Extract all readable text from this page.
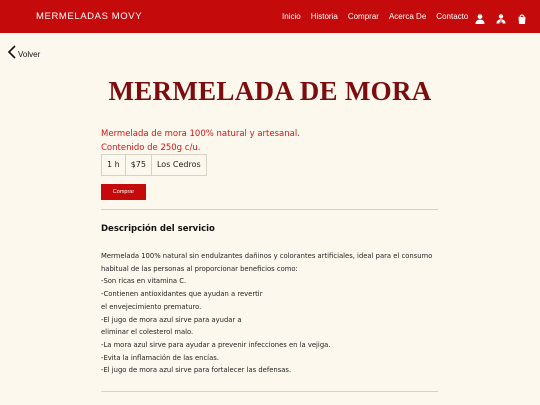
MERMELADAS MOVY	Inicio Historia Comprar Acerca De Contacto
Volver
MERMELADA DE MORA
Mermelada de mora 100% natural y artesanal.
Contenido de 250g c/u.
1 h	$75	Los Cedros
Comprar
Descripción del servicio
Mermelada 100% natural sin endulzantes dañinos y colorantes artificiales, ideal para el consumo
habitual de las personas al proporcionar beneficios como:
-Son ricas en vitamina C.
-Contienen antioxidantes que ayudan a revertir
el envejecimiento prematuro.
-El jugo de mora azul sirve para ayudar a
eliminar el colesterol malo.
-La mora azul sirve para ayudar a prevenir infecciones en la vejiga.
-Evita la inflamación de las encías.
-El jugo de mora azul sirve para fortalecer las defensas.
